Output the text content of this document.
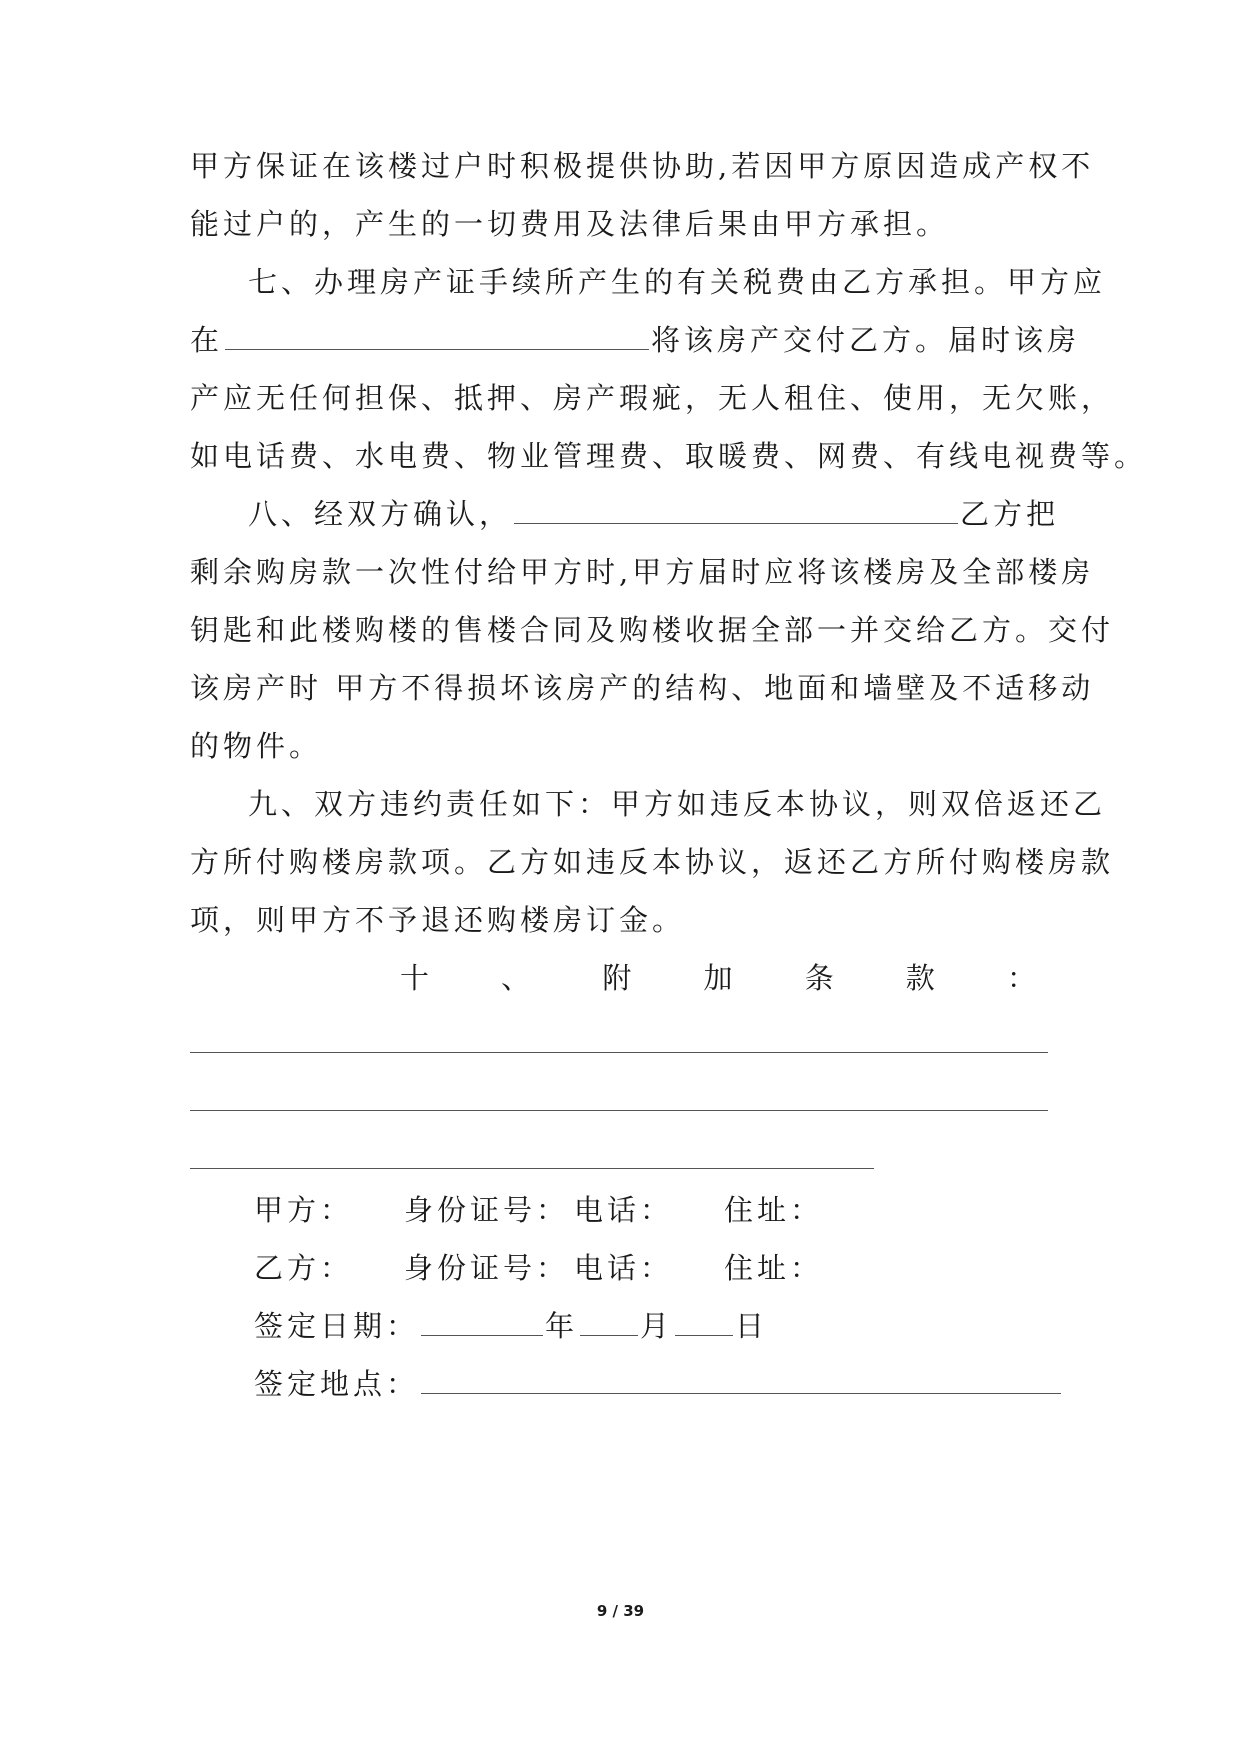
甲方保证在该楼过户时积极提供协助,若因甲方原因造成产权不
能过户的，产生的一切费用及法律后果由甲方承担。
七、办理房产证手续所产生的有关税费由乙方承担。甲方应
在	将该房产交付乙方。届时该房
产应无任何担保、抵押、房产瑕疵，无人租住、使用，无欠账，
如电话费、水电费、物业管理费、取暖费、网费、有线电视费等。
八、经双方确认，	乙方把
剩余购房款一次性付给甲方时,甲方届时应将该楼房及全部楼房
钥匙和此楼购楼的售楼合同及购楼收据全部一并交给乙方。交付
该房产时 甲方不得损坏该房产的结构、地面和墙壁及不适移动
的物件。
九、双方违约责任如下：甲方如违反本协议，则双倍返还乙
方所付购楼房款项。乙方如违反本协议，返还乙方所付购楼房款
项，则甲方不予退还购楼房订金。
十 、 附 加 条 款 ：
甲方：	身份证号： 电话：	住址：
乙方：	身份证号： 电话：	住址：
签定日期：	年 月 日
签定地点：
9 / 39
